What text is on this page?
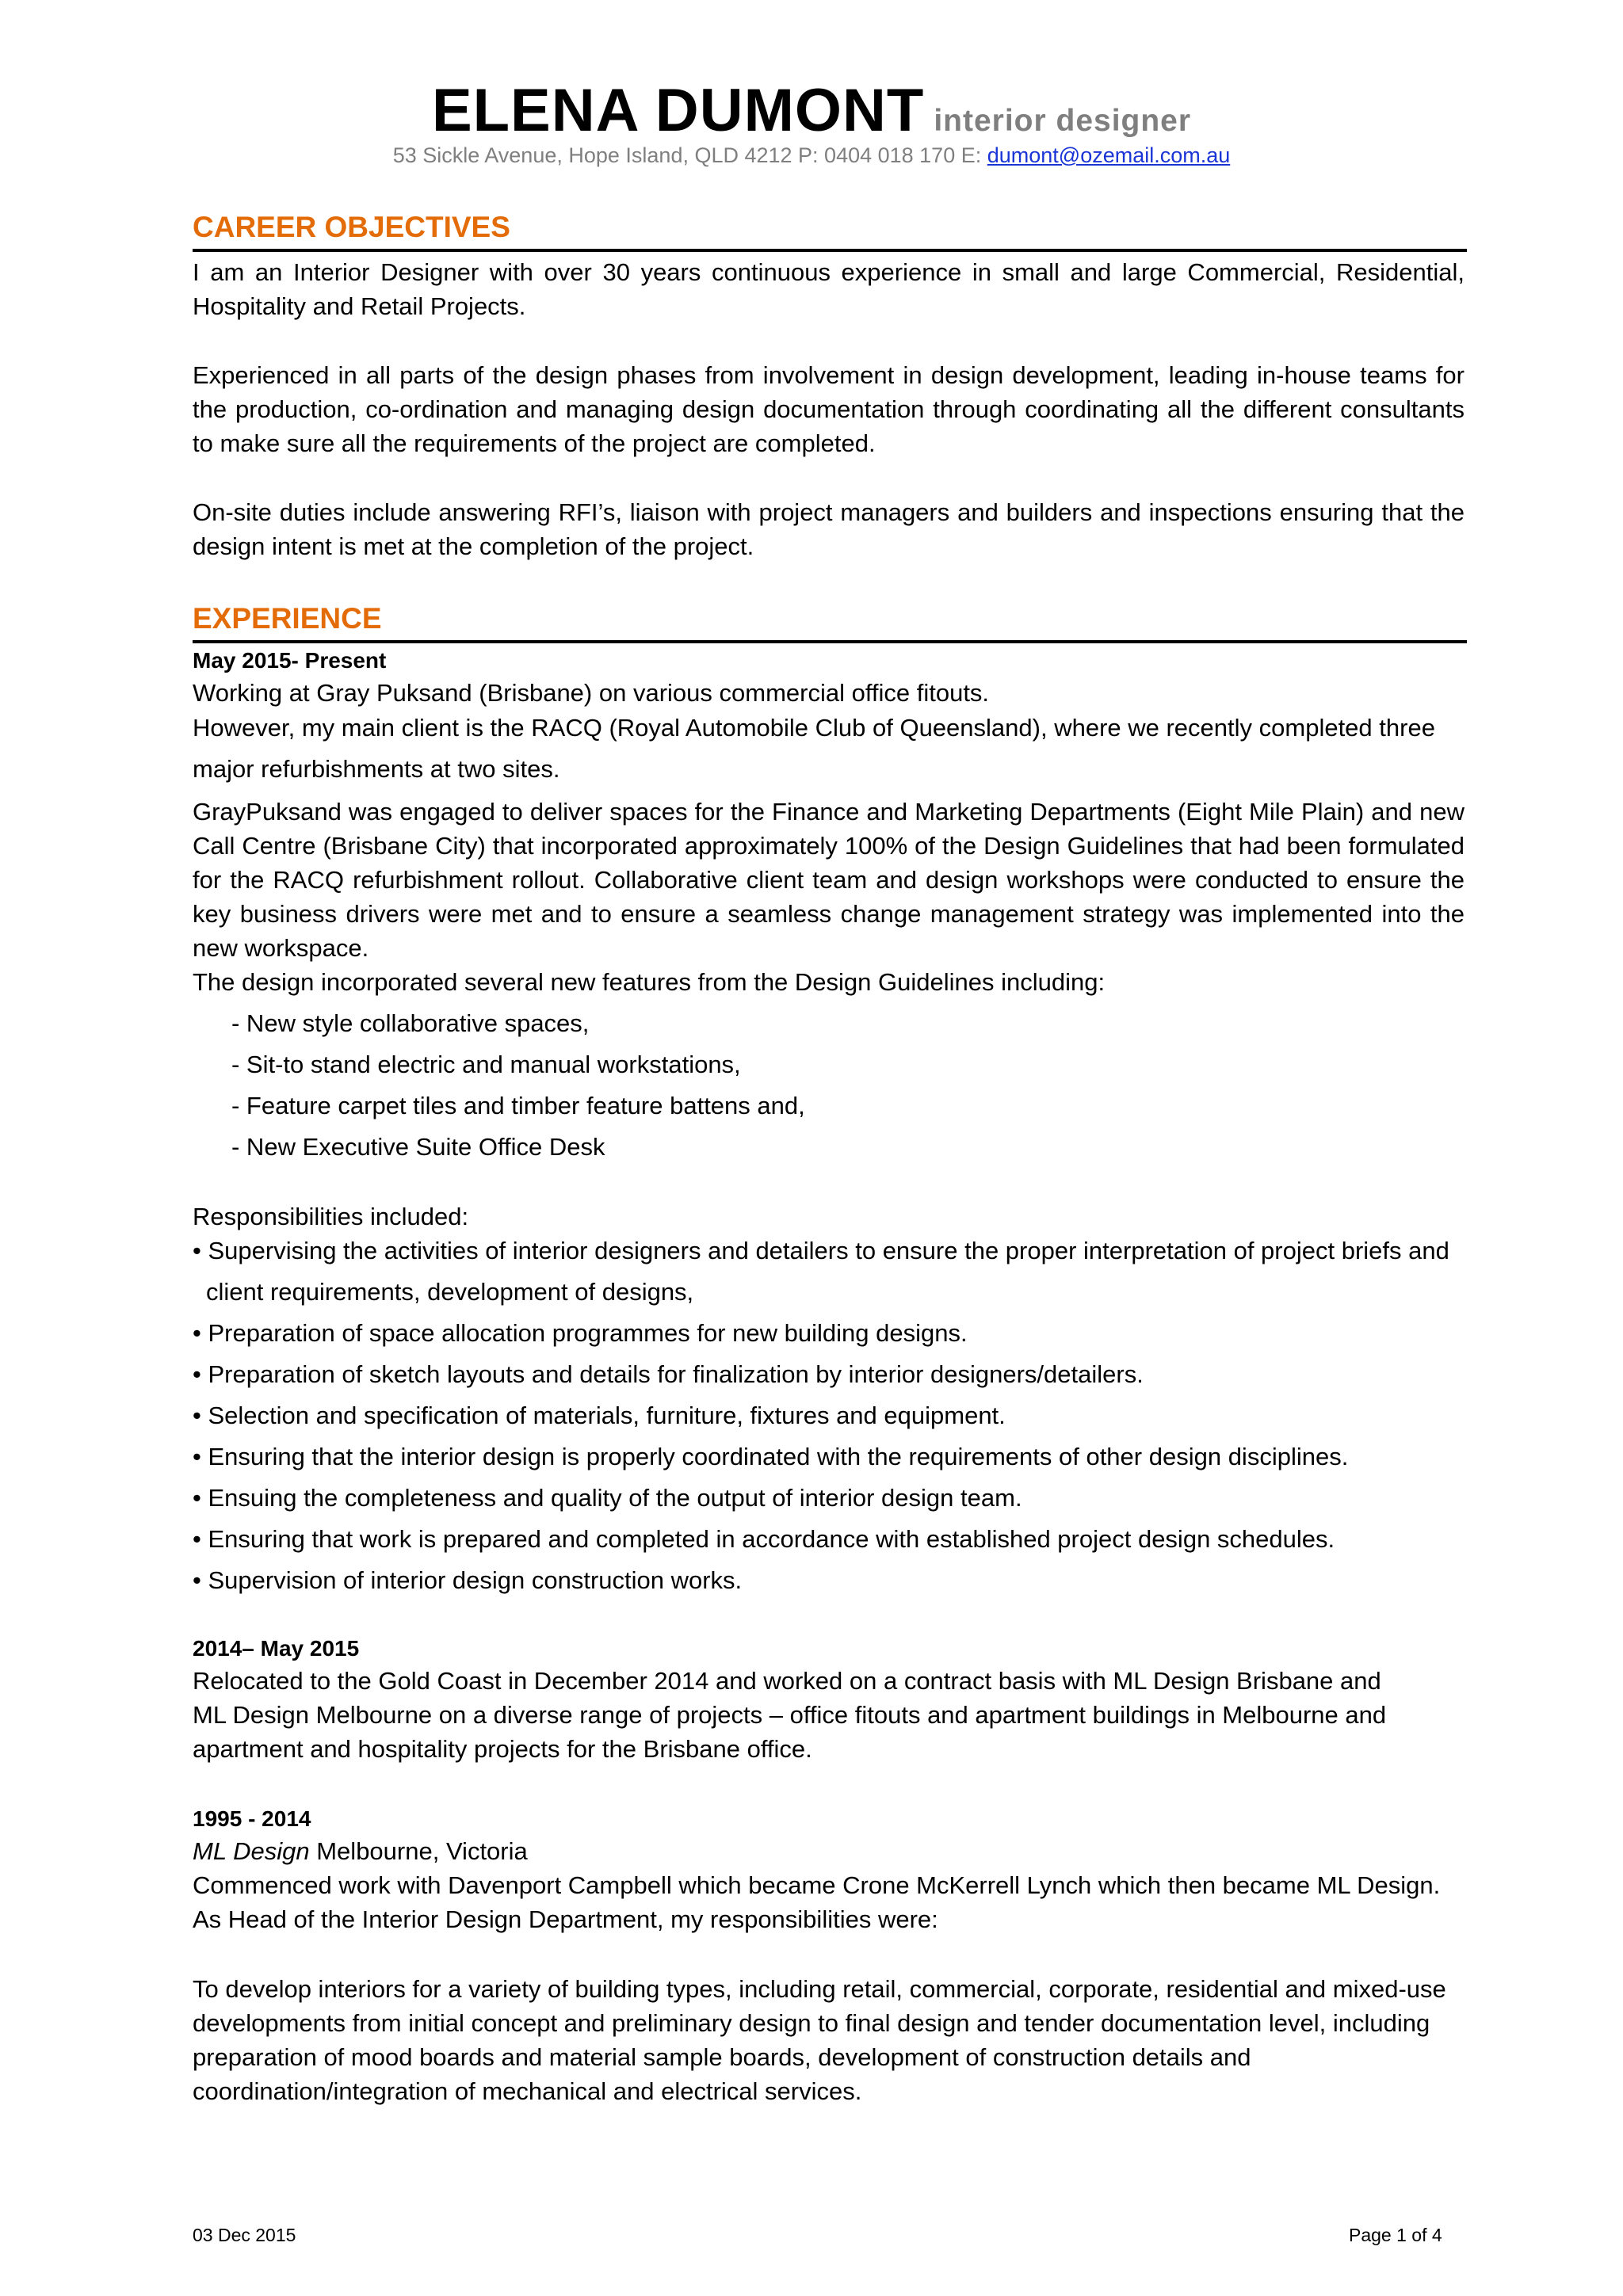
ELENA DUMONT interior designer
53 Sickle Avenue, Hope Island, QLD 4212 P: 0404 018 170 E: dumont@ozemail.com.au
CAREER OBJECTIVES

I am an Interior Designer with over 30 years continuous experience in small and large Commercial, Residential, Hospitality and Retail Projects.

Experienced in all parts of the design phases from involvement in design development, leading in-house teams for the production, co-ordination and managing design documentation through coordinating all the different consultants to make sure all the requirements of the project are completed.

On-site duties include answering RFI’s, liaison with project managers and builders and inspections ensuring that the design intent is met at the completion of the project.

EXPERIENCE
May 2015- Present
Working at Gray Puksand (Brisbane) on various commercial office fitouts.
However, my main client is the RACQ (Royal Automobile Club of Queensland), where we recently completed three
major refurbishments at two sites.

GrayPuksand was engaged to deliver spaces for the Finance and Marketing Departments (Eight Mile Plain) and new Call Centre (Brisbane City) that incorporated approximately 100% of the Design Guidelines that had been formulated for the RACQ refurbishment rollout. Collaborative client team and design workshops were conducted to ensure the key business drivers were met and to ensure a seamless change management strategy was implemented into the new workspace.

The design incorporated several new features from the Design Guidelines including:
- New style collaborative spaces,
- Sit-to stand electric and manual workstations,
- Feature carpet tiles and timber feature battens and,
- New Executive Suite Office Desk
Responsibilities included:
• Supervising the activities of interior designers and detailers to ensure the proper interpretation of project briefs and
client requirements, development of designs,
• Preparation of space allocation programmes for new building designs.
• Preparation of sketch layouts and details for finalization by interior designers/detailers.
• Selection and specification of materials, furniture, fixtures and equipment.
• Ensuring that the interior design is properly coordinated with the requirements of other design disciplines.
• Ensuing the completeness and quality of the output of interior design team.
• Ensuring that work is prepared and completed in accordance with established project design schedules.
• Supervision of interior design construction works.
2014– May 2015
Relocated to the Gold Coast in December 2014 and worked on a contract basis with ML Design Brisbane and
ML Design Melbourne on a diverse range of projects – office fitouts and apartment buildings in Melbourne and
apartment and hospitality projects for the Brisbane office.
1995 - 2014
ML Design Melbourne, Victoria
Commenced work with Davenport Campbell which became Crone McKerrell Lynch which then became ML Design.
As Head of the Interior Design Department, my responsibilities were:
To develop interiors for a variety of building types, including retail, commercial, corporate, residential and mixed-use
developments from initial concept and preliminary design to final design and tender documentation level, including
preparation of mood boards and material sample boards, development of construction details and
coordination/integration of mechanical and electrical services.
03 Dec 2015	Page 1 of 4
